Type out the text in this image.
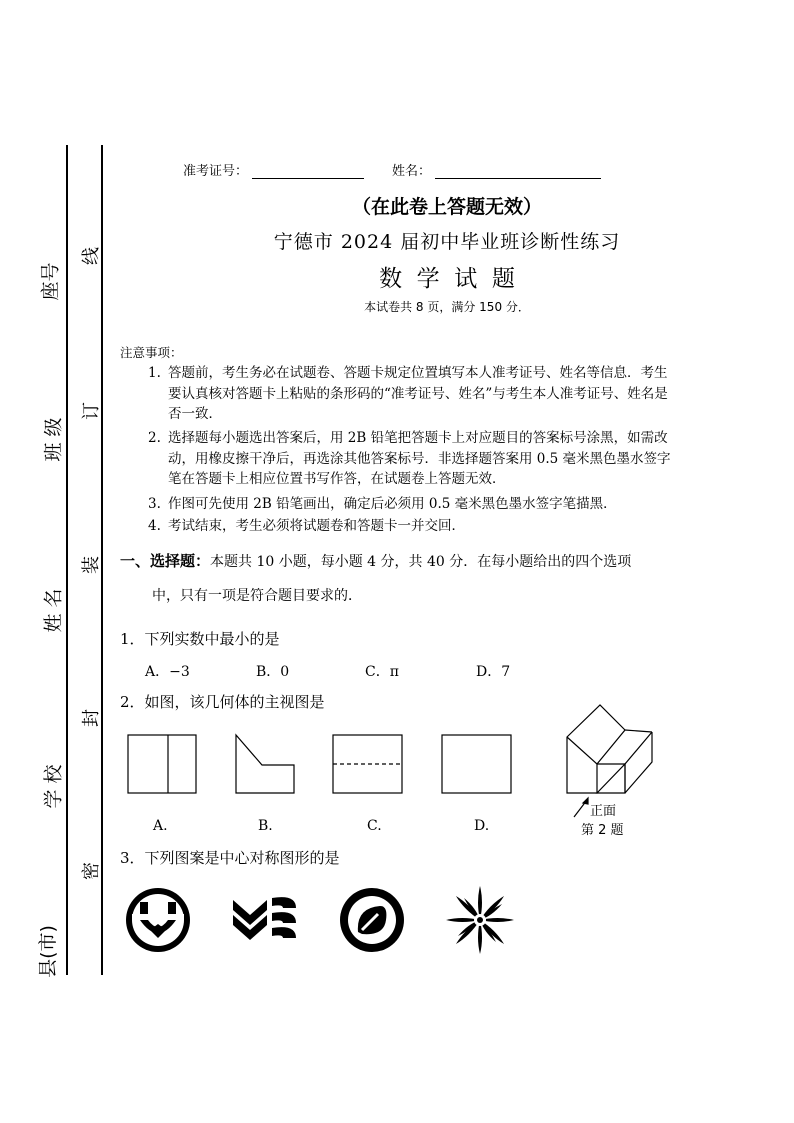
座号
班 级
姓 名
学 校
县(市)
线
订
装
封
密
准考证号：	姓名：
（在此卷上答题无效）
宁德市 2024 届初中毕业班诊断性练习
数  学  试  题
本试卷共 8 页，满分 150 分．
注意事项：
1. 答题前，考生务必在试题卷、答题卡规定位置填写本人准考证号、姓名等信息．考生要认真核对答题卡上粘贴的条形码的“准考证号、姓名”与考生本人准考证号、姓名是否一致．
2. 选择题每小题选出答案后，用 2B 铅笔把答题卡上对应题目的答案标号涂黑，如需改动，用橡皮擦干净后，再选涂其他答案标号．非选择题答案用 0.5 毫米黑色墨水签字笔在答题卡上相应位置书写作答，在试题卷上答题无效．
3. 作图可先使用 2B 铅笔画出，确定后必须用 0.5 毫米黑色墨水签字笔描黑．
4. 考试结束，考生必须将试题卷和答题卡一并交回．
一、选择题：本题共 10 小题，每小题 4 分，共 40 分．在每小题给出的四个选项
中，只有一项是符合题目要求的．
1．下列实数中最小的是
A．−3	B．0	C．π	D．7
2．如图，该几何体的主视图是
A.	B.	C.	D.
正面
第 2 题
3．下列图案是中心对称图形的是
